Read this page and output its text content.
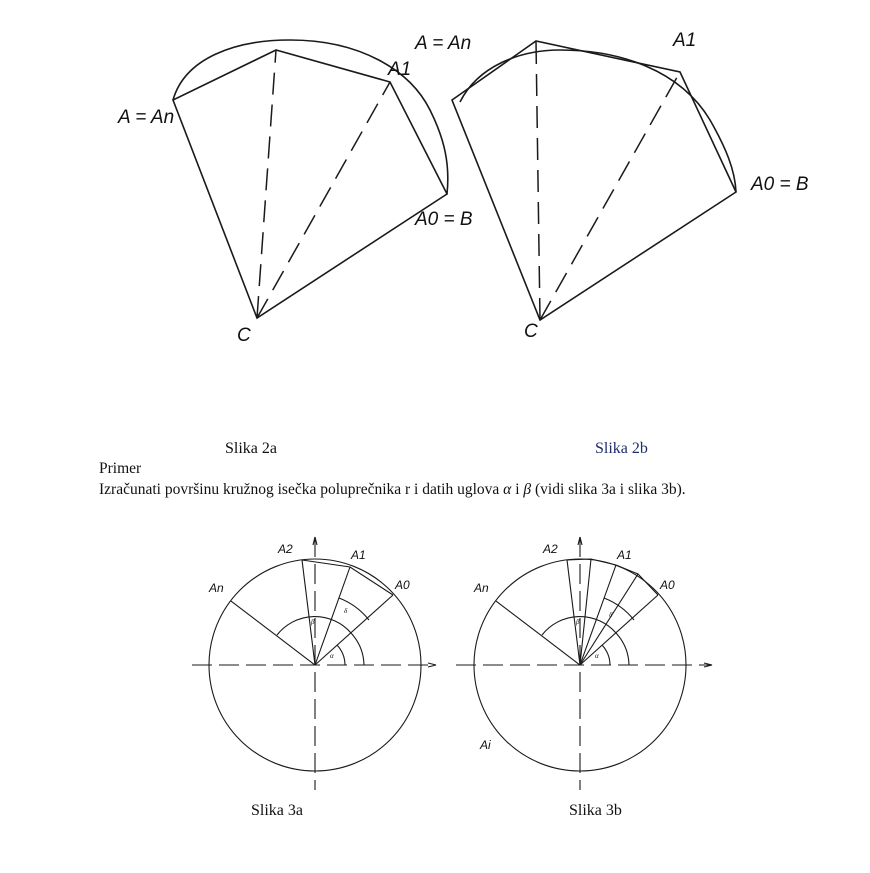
A = An
A1
A0 = B
C
A = An	A1
A0 = B
C
α
β
δ
A2	A1
A0
An
α
β
δ
A2	A1
A0
An
Ai
Slika 2a	Slika 2b
Primer
Izračunati površinu kružnog isečka poluprečnika r i datih uglova α i β (vidi slika 3a i slika 3b).
Slika 3a	Slika 3b
